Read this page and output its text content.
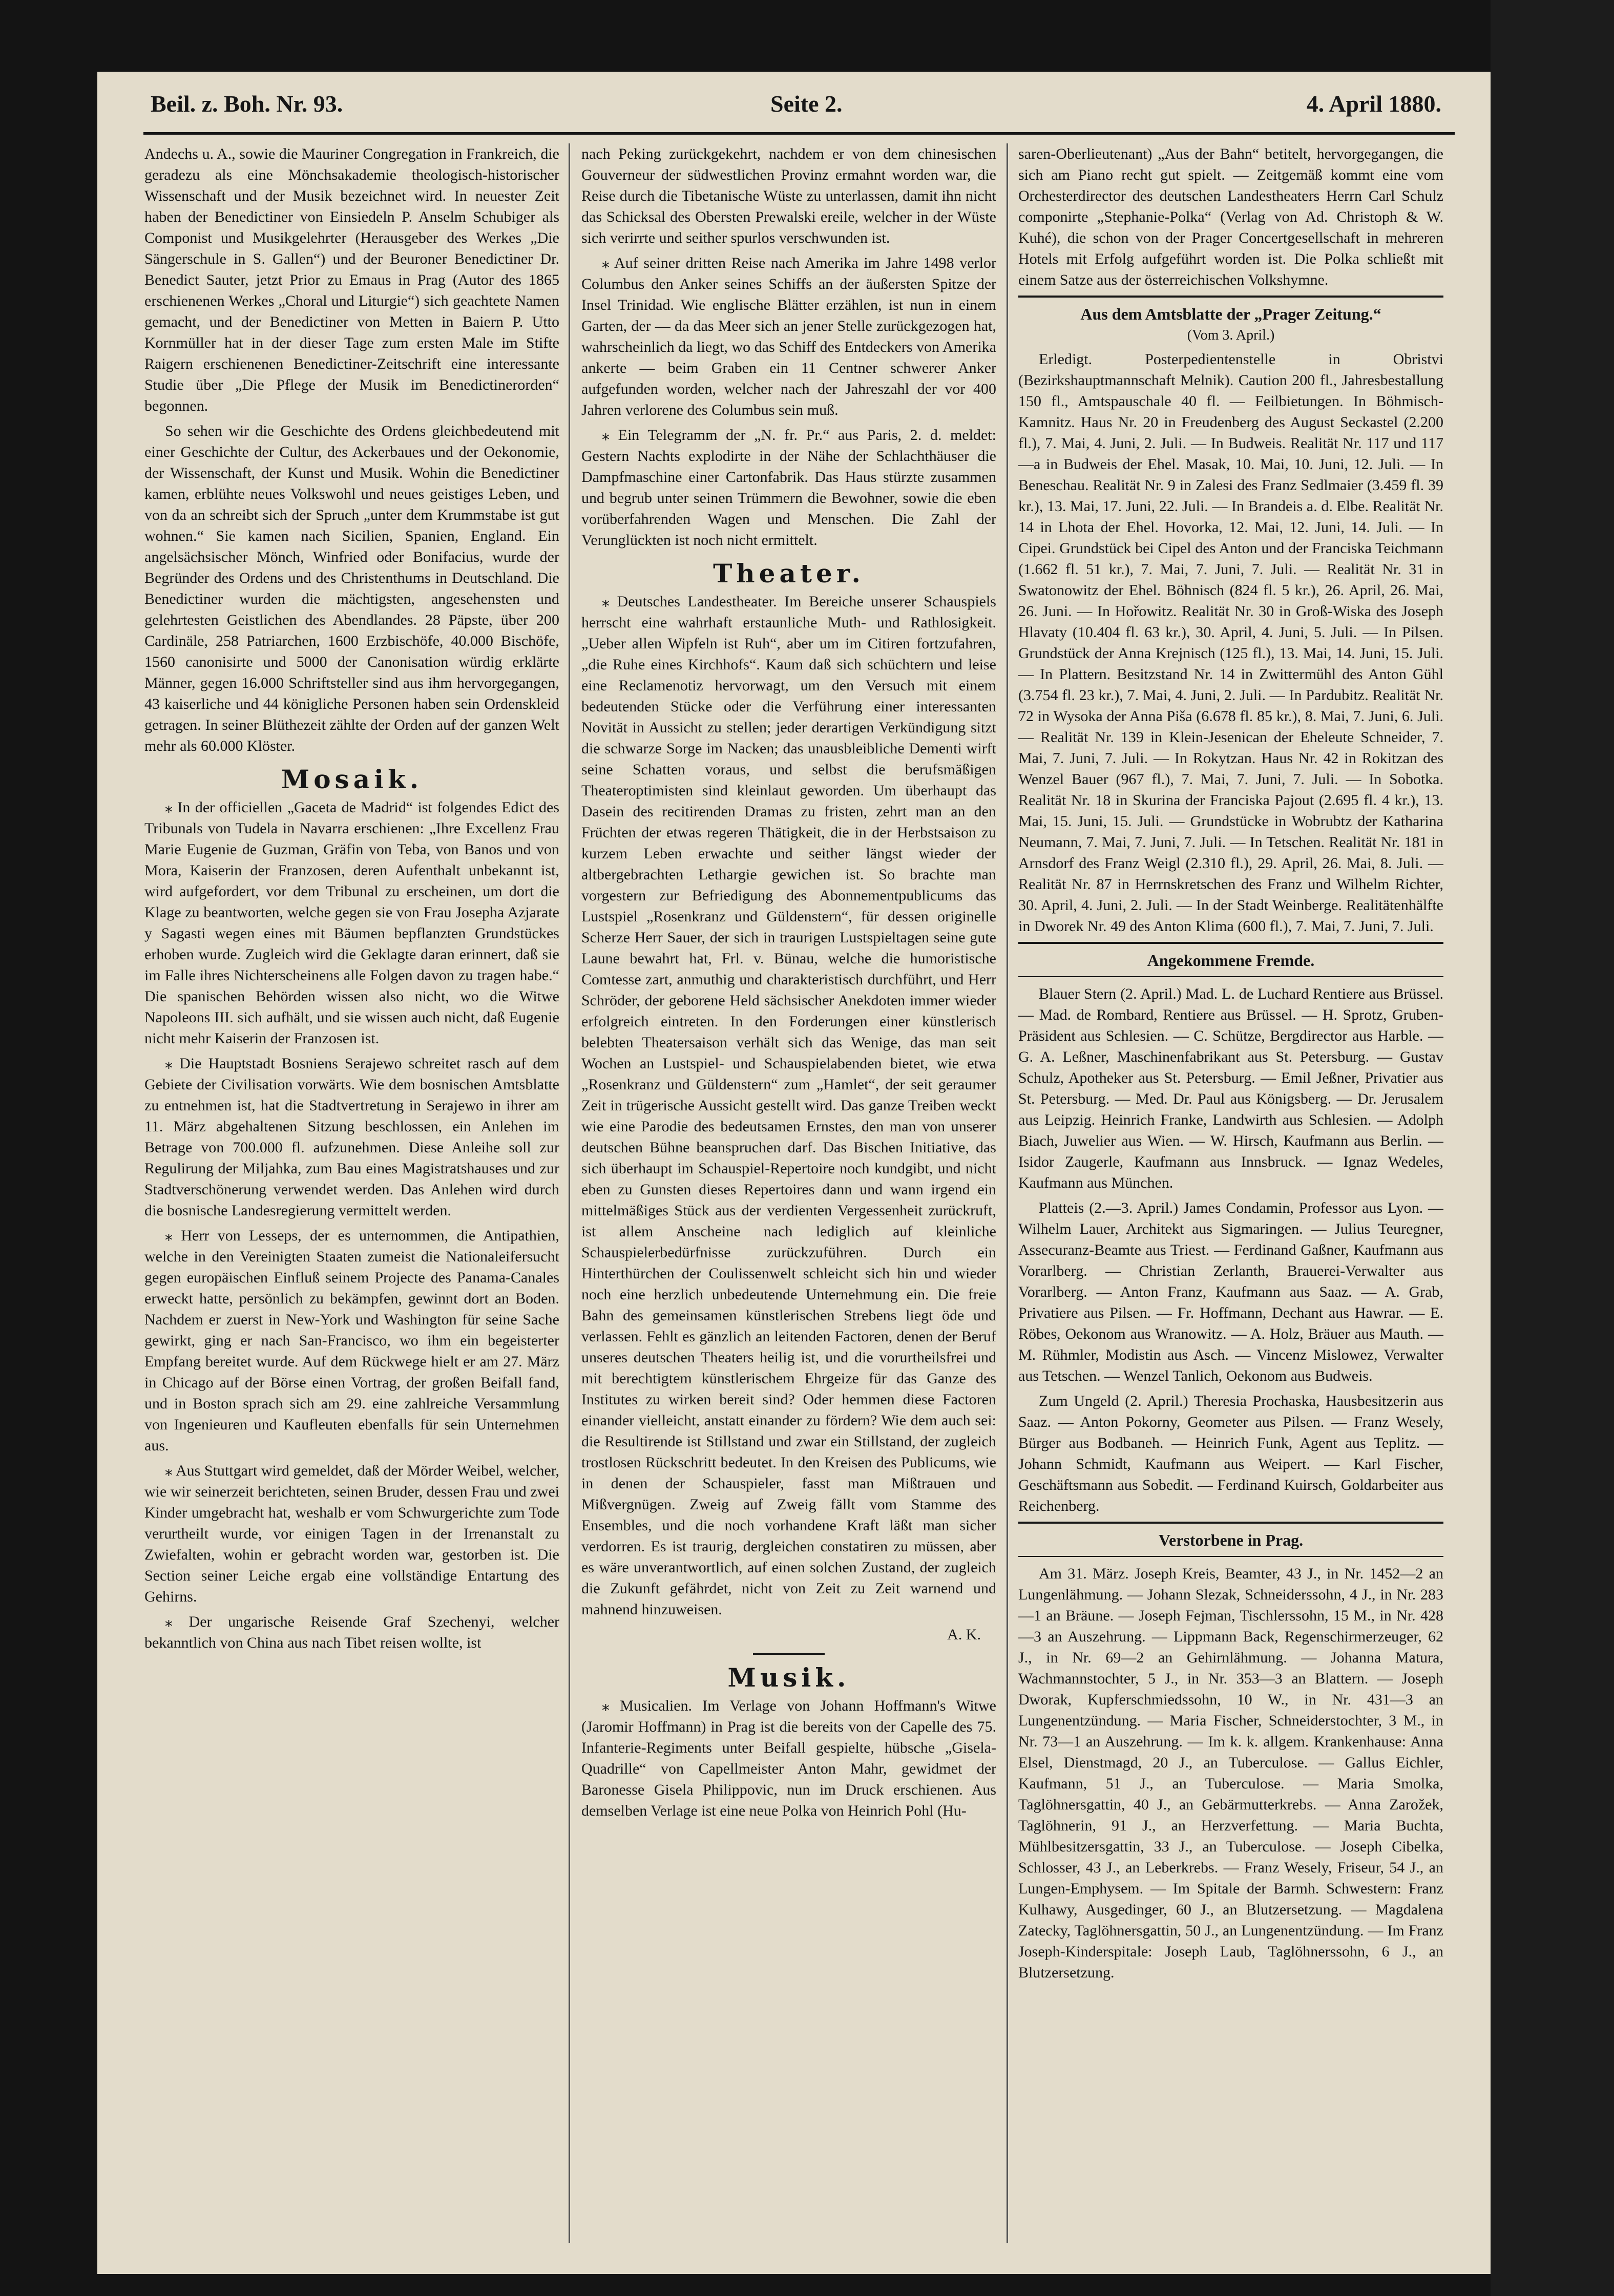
Beil. z. Boh. Nr. 93.	Seite 2.	4. April 1880.

Andechs u. A., sowie die Mauriner Congregation in Frankreich, die geradezu als eine Mönchsakademie theologisch-historischer Wissenschaft und der Musik bezeichnet wird. In neuester Zeit haben der Benedictiner von Einsiedeln P. Anselm Schubiger als Componist und Musikgelehrter (Herausgeber des Werkes „Die Sängerschule in S. Gallen“) und der Beuroner Benedictiner Dr. Benedict Sauter, jetzt Prior zu Emaus in Prag (Autor des 1865 erschienenen Werkes „Choral und Liturgie“) sich geachtete Namen gemacht, und der Benedictiner von Metten in Baiern P. Utto Kornmüller hat in der dieser Tage zum ersten Male im Stifte Raigern erschienenen Benedictiner-Zeitschrift eine interessante Studie über „Die Pflege der Musik im Benedictinerorden“ begonnen.

So sehen wir die Geschichte des Ordens gleichbedeutend mit einer Geschichte der Cultur, des Ackerbaues und der Oekonomie, der Wissenschaft, der Kunst und Musik. Wohin die Benedictiner kamen, erblühte neues Volkswohl und neues geistiges Leben, und von da an schreibt sich der Spruch „unter dem Krummstabe ist gut wohnen.“ Sie kamen nach Sicilien, Spanien, England. Ein angelsächsischer Mönch, Winfried oder Bonifacius, wurde der Begründer des Ordens und des Christenthums in Deutschland. Die Benedictiner wurden die mächtigsten, angesehensten und gelehrtesten Geistlichen des Abendlandes. 28 Päpste, über 200 Cardinäle, 258 Patriarchen, 1600 Erzbischöfe, 40.000 Bischöfe, 1560 canonisirte und 5000 der Canonisation würdig erklärte Männer, gegen 16.000 Schriftsteller sind aus ihm hervorgegangen, 43 kaiserliche und 44 königliche Personen haben sein Ordenskleid getragen. In seiner Blüthezeit zählte der Orden auf der ganzen Welt mehr als 60.000 Klöster.

Mosaik.

⁎ In der officiellen „Gaceta de Madrid“ ist folgendes Edict des Tribunals von Tudela in Navarra erschienen: „Ihre Excellenz Frau Marie Eugenie de Guzman, Gräfin von Teba, von Banos und von Mora, Kaiserin der Franzosen, deren Aufenthalt unbekannt ist, wird aufgefordert, vor dem Tribunal zu erscheinen, um dort die Klage zu beantworten, welche gegen sie von Frau Josepha Azjarate y Sagasti wegen eines mit Bäumen bepflanzten Grundstückes erhoben wurde. Zugleich wird die Geklagte daran erinnert, daß sie im Falle ihres Nichterscheinens alle Folgen davon zu tragen habe.“ Die spanischen Behörden wissen also nicht, wo die Witwe Napoleons III. sich aufhält, und sie wissen auch nicht, daß Eugenie nicht mehr Kaiserin der Franzosen ist.

⁎ Die Hauptstadt Bosniens Serajewo schreitet rasch auf dem Gebiete der Civilisation vorwärts. Wie dem bosnischen Amtsblatte zu entnehmen ist, hat die Stadtvertretung in Serajewo in ihrer am 11. März abgehaltenen Sitzung beschlossen, ein Anlehen im Betrage von 700.000 fl. aufzunehmen. Diese Anleihe soll zur Regulirung der Miljahka, zum Bau eines Magistratshauses und zur Stadtverschönerung verwendet werden. Das Anlehen wird durch die bosnische Landesregierung vermittelt werden.

⁎ Herr von Lesseps, der es unternommen, die Antipathien, welche in den Vereinigten Staaten zumeist die Nationaleifersucht gegen europäischen Einfluß seinem Projecte des Panama-Canales erweckt hatte, persönlich zu bekämpfen, gewinnt dort an Boden. Nachdem er zuerst in New-York und Washington für seine Sache gewirkt, ging er nach San-Francisco, wo ihm ein begeisterter Empfang bereitet wurde. Auf dem Rückwege hielt er am 27. März in Chicago auf der Börse einen Vortrag, der großen Beifall fand, und in Boston sprach sich am 29. eine zahlreiche Versammlung von Ingenieuren und Kaufleuten ebenfalls für sein Unternehmen aus.

⁎ Aus Stuttgart wird gemeldet, daß der Mörder Weibel, welcher, wie wir seinerzeit berichteten, seinen Bruder, dessen Frau und zwei Kinder umgebracht hat, weshalb er vom Schwurgerichte zum Tode verurtheilt wurde, vor einigen Tagen in der Irrenanstalt zu Zwiefalten, wohin er gebracht worden war, gestorben ist. Die Section seiner Leiche ergab eine vollständige Entartung des Gehirns.

⁎ Der ungarische Reisende Graf Szechenyi, welcher bekanntlich von China aus nach Tibet reisen wollte, ist

nach Peking zurückgekehrt, nachdem er von dem chinesischen Gouverneur der südwestlichen Provinz ermahnt worden war, die Reise durch die Tibetanische Wüste zu unterlassen, damit ihn nicht das Schicksal des Obersten Prewalski ereile, welcher in der Wüste sich verirrte und seither spurlos verschwunden ist.

⁎ Auf seiner dritten Reise nach Amerika im Jahre 1498 verlor Columbus den Anker seines Schiffs an der äußersten Spitze der Insel Trinidad. Wie englische Blätter erzählen, ist nun in einem Garten, der — da das Meer sich an jener Stelle zurückgezogen hat, wahrscheinlich da liegt, wo das Schiff des Entdeckers von Amerika ankerte — beim Graben ein 11 Centner schwerer Anker aufgefunden worden, welcher nach der Jahreszahl der vor 400 Jahren verlorene des Columbus sein muß.

⁎ Ein Telegramm der „N. fr. Pr.“ aus Paris, 2. d. meldet: Gestern Nachts explodirte in der Nähe der Schlachthäuser die Dampfmaschine einer Cartonfabrik. Das Haus stürzte zusammen und begrub unter seinen Trümmern die Bewohner, sowie die eben vorüberfahrenden Wagen und Menschen. Die Zahl der Verunglückten ist noch nicht ermittelt.

Theater.

⁎ Deutsches Landestheater. Im Bereiche unserer Schauspiels herrscht eine wahrhaft erstaunliche Muth- und Rathlosigkeit. „Ueber allen Wipfeln ist Ruh“, aber um im Citiren fortzufahren, „die Ruhe eines Kirchhofs“. Kaum daß sich schüchtern und leise eine Reclamenotiz hervorwagt, um den Versuch mit einem bedeutenden Stücke oder die Verführung einer interessanten Novität in Aussicht zu stellen; jeder derartigen Verkündigung sitzt die schwarze Sorge im Nacken; das unausbleibliche Dementi wirft seine Schatten voraus, und selbst die berufsmäßigen Theateroptimisten sind kleinlaut geworden. Um überhaupt das Dasein des recitirenden Dramas zu fristen, zehrt man an den Früchten der etwas regeren Thätigkeit, die in der Herbstsaison zu kurzem Leben erwachte und seither längst wieder der altbergebrachten Lethargie gewichen ist. So brachte man vorgestern zur Befriedigung des Abonnementpublicums das Lustspiel „Rosenkranz und Güldenstern“, für dessen originelle Scherze Herr Sauer, der sich in traurigen Lustspieltagen seine gute Laune bewahrt hat, Frl. v. Bünau, welche die humoristische Comtesse zart, anmuthig und charakteristisch durchführt, und Herr Schröder, der geborene Held sächsischer Anekdoten immer wieder erfolgreich eintreten. In den Forderungen einer künstlerisch belebten Theatersaison verhält sich das Wenige, das man seit Wochen an Lustspiel- und Schauspielabenden bietet, wie etwa „Rosenkranz und Güldenstern“ zum „Hamlet“, der seit geraumer Zeit in trügerische Aussicht gestellt wird. Das ganze Treiben weckt wie eine Parodie des bedeutsamen Ernstes, den man von unserer deutschen Bühne beanspruchen darf. Das Bischen Initiative, das sich überhaupt im Schauspiel-Repertoire noch kundgibt, und nicht eben zu Gunsten dieses Repertoires dann und wann irgend ein mittelmäßiges Stück aus der verdienten Vergessenheit zurückruft, ist allem Anscheine nach lediglich auf kleinliche Schauspielerbedürfnisse zurückzuführen. Durch ein Hinterthürchen der Coulissenwelt schleicht sich hin und wieder noch eine herzlich unbedeutende Unternehmung ein. Die freie Bahn des gemeinsamen künstlerischen Strebens liegt öde und verlassen. Fehlt es gänzlich an leitenden Factoren, denen der Beruf unseres deutschen Theaters heilig ist, und die vorurtheilsfrei und mit berechtigtem künstlerischem Ehrgeize für das Ganze des Institutes zu wirken bereit sind? Oder hemmen diese Factoren einander vielleicht, anstatt einander zu fördern? Wie dem auch sei: die Resultirende ist Stillstand und zwar ein Stillstand, der zugleich trostlosen Rückschritt bedeutet. In den Kreisen des Publicums, wie in denen der Schauspieler, fasst man Mißtrauen und Mißvergnügen. Zweig auf Zweig fällt vom Stamme des Ensembles, und die noch vorhandene Kraft läßt man sicher verdorren. Es ist traurig, dergleichen constatiren zu müssen, aber es wäre unverantwortlich, auf einen solchen Zustand, der zugleich die Zukunft gefährdet, nicht von Zeit zu Zeit warnend und mahnend hinzuweisen.

A. K.
Musik.

⁎ Musicalien. Im Verlage von Johann Hoffmann's Witwe (Jaromir Hoffmann) in Prag ist die bereits von der Capelle des 75. Infanterie-Regiments unter Beifall gespielte, hübsche „Gisela-Quadrille“ von Capellmeister Anton Mahr, gewidmet der Baronesse Gisela Philippovic, nun im Druck erschienen. Aus demselben Verlage ist eine neue Polka von Heinrich Pohl (Hu-

saren-Oberlieutenant) „Aus der Bahn“ betitelt, hervorgegangen, die sich am Piano recht gut spielt. — Zeitgemäß kommt eine vom Orchesterdirector des deutschen Landestheaters Herrn Carl Schulz componirte „Stephanie-Polka“ (Verlag von Ad. Christoph & W. Kuhé), die schon von der Prager Concertgesellschaft in mehreren Hotels mit Erfolg aufgeführt worden ist. Die Polka schließt mit einem Satze aus der österreichischen Volkshymne.

Aus dem Amtsblatte der „Prager Zeitung.“
(Vom 3. April.)

Erledigt. Posterpedientenstelle in Obristvi (Bezirkshauptmannschaft Melnik). Caution 200 fl., Jahresbestallung 150 fl., Amtspauschale 40 fl. — Feilbietungen. In Böhmisch-Kamnitz. Haus Nr. 20 in Freudenberg des August Seckastel (2.200 fl.), 7. Mai, 4. Juni, 2. Juli. — In Budweis. Realität Nr. 117 und 117—a in Budweis der Ehel. Masak, 10. Mai, 10. Juni, 12. Juli. — In Beneschau. Realität Nr. 9 in Zalesi des Franz Sedlmaier (3.459 fl. 39 kr.), 13. Mai, 17. Juni, 22. Juli. — In Brandeis a. d. Elbe. Realität Nr. 14 in Lhota der Ehel. Hovorka, 12. Mai, 12. Juni, 14. Juli. — In Cipei. Grundstück bei Cipel des Anton und der Franciska Teichmann (1.662 fl. 51 kr.), 7. Mai, 7. Juni, 7. Juli. — Realität Nr. 31 in Swatonowitz der Ehel. Böhnisch (824 fl. 5 kr.), 26. April, 26. Mai, 26. Juni. — In Hořowitz. Realität Nr. 30 in Groß-Wiska des Joseph Hlavaty (10.404 fl. 63 kr.), 30. April, 4. Juni, 5. Juli. — In Pilsen. Grundstück der Anna Krejnisch (125 fl.), 13. Mai, 14. Juni, 15. Juli. — In Plattern. Besitzstand Nr. 14 in Zwittermühl des Anton Gühl (3.754 fl. 23 kr.), 7. Mai, 4. Juni, 2. Juli. — In Pardubitz. Realität Nr. 72 in Wysoka der Anna Piša (6.678 fl. 85 kr.), 8. Mai, 7. Juni, 6. Juli. — Realität Nr. 139 in Klein-Jesenican der Eheleute Schneider, 7. Mai, 7. Juni, 7. Juli. — In Rokytzan. Haus Nr. 42 in Rokitzan des Wenzel Bauer (967 fl.), 7. Mai, 7. Juni, 7. Juli. — In Sobotka. Realität Nr. 18 in Skurina der Franciska Pajout (2.695 fl. 4 kr.), 13. Mai, 15. Juni, 15. Juli. — Grundstücke in Wobrubtz der Katharina Neumann, 7. Mai, 7. Juni, 7. Juli. — In Tetschen. Realität Nr. 181 in Arnsdorf des Franz Weigl (2.310 fl.), 29. April, 26. Mai, 8. Juli. — Realität Nr. 87 in Herrnskretschen des Franz und Wilhelm Richter, 30. April, 4. Juni, 2. Juli. — In der Stadt Weinberge. Realitätenhälfte in Dworek Nr. 49 des Anton Klima (600 fl.), 7. Mai, 7. Juni, 7. Juli.

Angekommene Fremde.

Blauer Stern (2. April.) Mad. L. de Luchard Rentiere aus Brüssel. — Mad. de Rombard, Rentiere aus Brüssel. — H. Sprotz, Gruben-Präsident aus Schlesien. — C. Schütze, Bergdirector aus Harble. — G. A. Leßner, Maschinenfabrikant aus St. Petersburg. — Gustav Schulz, Apotheker aus St. Petersburg. — Emil Jeßner, Privatier aus St. Petersburg. — Med. Dr. Paul aus Königsberg. — Dr. Jerusalem aus Leipzig. Heinrich Franke, Landwirth aus Schlesien. — Adolph Biach, Juwelier aus Wien. — W. Hirsch, Kaufmann aus Berlin. — Isidor Zaugerle, Kaufmann aus Innsbruck. — Ignaz Wedeles, Kaufmann aus München.

Platteis (2.—3. April.) James Condamin, Professor aus Lyon. — Wilhelm Lauer, Architekt aus Sigmaringen. — Julius Teuregner, Assecuranz-Beamte aus Triest. — Ferdinand Gaßner, Kaufmann aus Vorarlberg. — Christian Zerlanth, Brauerei-Verwalter aus Vorarlberg. — Anton Franz, Kaufmann aus Saaz. — A. Grab, Privatiere aus Pilsen. — Fr. Hoffmann, Dechant aus Hawrar. — E. Röbes, Oekonom aus Wranowitz. — A. Holz, Bräuer aus Mauth. — M. Rühmler, Modistin aus Asch. — Vincenz Mislowez, Verwalter aus Tetschen. — Wenzel Tanlich, Oekonom aus Budweis.

Zum Ungeld (2. April.) Theresia Prochaska, Hausbesitzerin aus Saaz. — Anton Pokorny, Geometer aus Pilsen. — Franz Wesely, Bürger aus Bodbaneh. — Heinrich Funk, Agent aus Teplitz. — Johann Schmidt, Kaufmann aus Weipert. — Karl Fischer, Geschäftsmann aus Sobedit. — Ferdinand Kuirsch, Goldarbeiter aus Reichenberg.

Verstorbene in Prag.

Am 31. März. Joseph Kreis, Beamter, 43 J., in Nr. 1452—2 an Lungenlähmung. — Johann Slezak, Schneiderssohn, 4 J., in Nr. 283—1 an Bräune. — Joseph Fejman, Tischlerssohn, 15 M., in Nr. 428—3 an Auszehrung. — Lippmann Back, Regenschirmerzeuger, 62 J., in Nr. 69—2 an Gehirnlähmung. — Johanna Matura, Wachmannstochter, 5 J., in Nr. 353—3 an Blattern. — Joseph Dworak, Kupferschmiedssohn, 10 W., in Nr. 431—3 an Lungenentzündung. — Maria Fischer, Schneiderstochter, 3 M., in Nr. 73—1 an Auszehrung. — Im k. k. allgem. Krankenhause: Anna Elsel, Dienstmagd, 20 J., an Tuberculose. — Gallus Eichler, Kaufmann, 51 J., an Tuberculose. — Maria Smolka, Taglöhnersgattin, 40 J., an Gebärmutterkrebs. — Anna Zarožek, Taglöhnerin, 91 J., an Herzverfettung. — Maria Buchta, Mühlbesitzersgattin, 33 J., an Tuberculose. — Joseph Cibelka, Schlosser, 43 J., an Leberkrebs. — Franz Wesely, Friseur, 54 J., an Lungen-Emphysem. — Im Spitale der Barmh. Schwestern: Franz Kulhawy, Ausgedinger, 60 J., an Blutzersetzung. — Magdalena Zatecky, Taglöhnersgattin, 50 J., an Lungenentzündung. — Im Franz Joseph-Kinderspitale: Joseph Laub, Taglöhnerssohn, 6 J., an Blutzersetzung.
